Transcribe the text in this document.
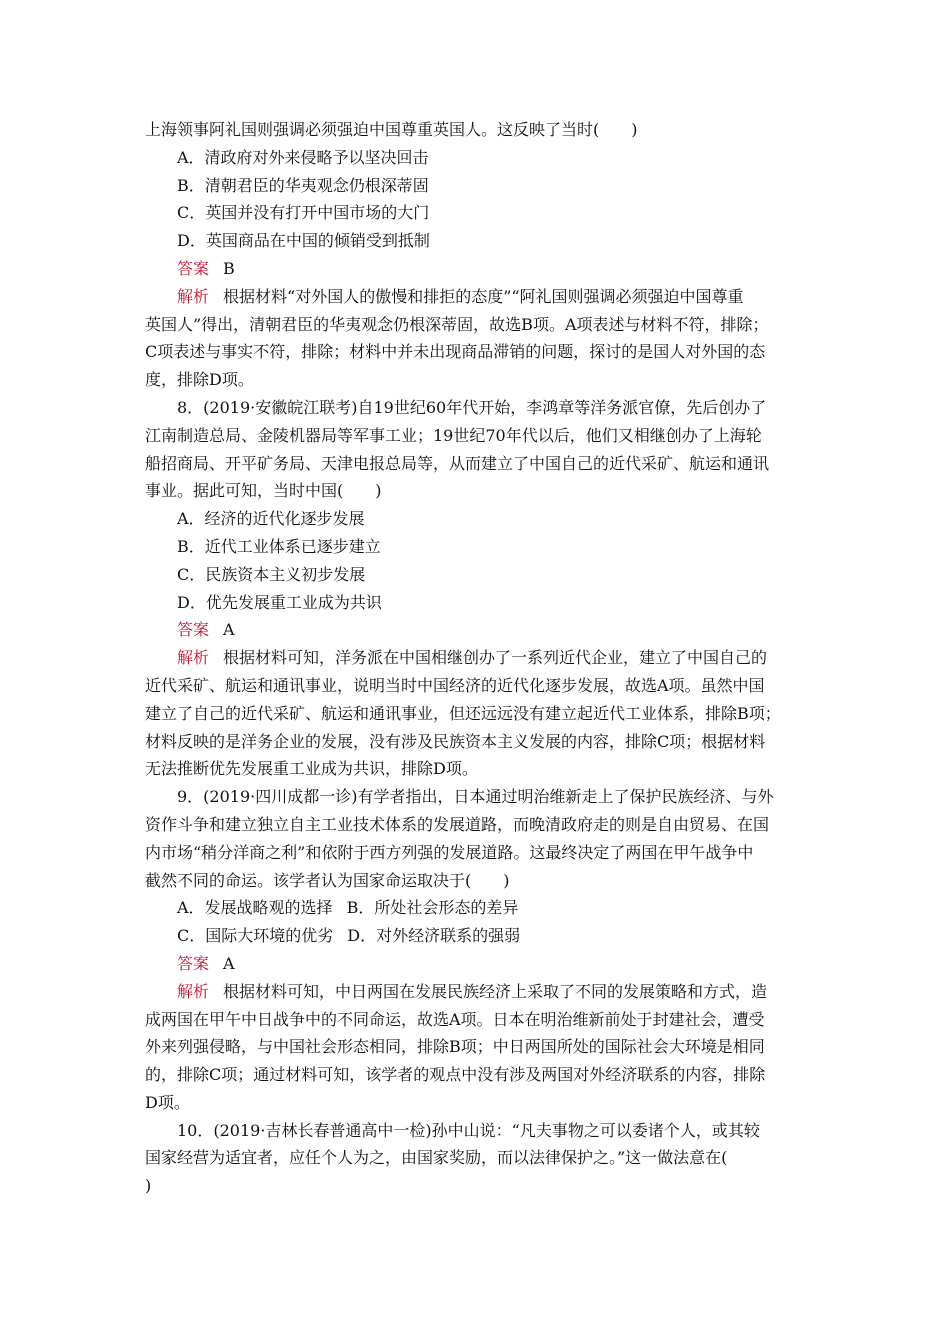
上海领事阿礼国则强调必须强迫中国尊重英国人。这反映了当时(　　)
A．清政府对外来侵略予以坚决回击
B．清朝君臣的华夷观念仍根深蒂固
C．英国并没有打开中国市场的大门
D．英国商品在中国的倾销受到抵制
答案 B
解析 根据材料“对外国人的傲慢和排拒的态度”“阿礼国则强调必须强迫中国尊重
英国人”得出，清朝君臣的华夷观念仍根深蒂固，故选B项。A项表述与材料不符，排除；
C项表述与事实不符，排除；材料中并未出现商品滞销的问题，探讨的是国人对外国的态
度，排除D项。
8．(2019·安徽皖江联考)自19世纪60年代开始，李鸿章等洋务派官僚，先后创办了
江南制造总局、金陵机器局等军事工业；19世纪70年代以后，他们又相继创办了上海轮
船招商局、开平矿务局、天津电报总局等，从而建立了中国自己的近代采矿、航运和通讯
事业。据此可知，当时中国(　　)
A．经济的近代化逐步发展
B．近代工业体系已逐步建立
C．民族资本主义初步发展
D．优先发展重工业成为共识
答案 A
解析 根据材料可知，洋务派在中国相继创办了一系列近代企业，建立了中国自己的
近代采矿、航运和通讯事业，说明当时中国经济的近代化逐步发展，故选A项。虽然中国
建立了自己的近代采矿、航运和通讯事业，但还远远没有建立起近代工业体系，排除B项；
材料反映的是洋务企业的发展，没有涉及民族资本主义发展的内容，排除C项；根据材料
无法推断优先发展重工业成为共识，排除D项。
9．(2019·四川成都一诊)有学者指出，日本通过明治维新走上了保护民族经济、与外
资作斗争和建立独立自主工业技术体系的发展道路，而晚清政府走的则是自由贸易、在国
内市场“稍分洋商之利”和依附于西方列强的发展道路。这最终决定了两国在甲午战争中
截然不同的命运。该学者认为国家命运取决于(　　)
A．发展战略观的选择 B．所处社会形态的差异
C．国际大环境的优劣 D．对外经济联系的强弱
答案 A
解析 根据材料可知，中日两国在发展民族经济上采取了不同的发展策略和方式，造
成两国在甲午中日战争中的不同命运，故选A项。日本在明治维新前处于封建社会，遭受
外来列强侵略，与中国社会形态相同，排除B项；中日两国所处的国际社会大环境是相同
的，排除C项；通过材料可知，该学者的观点中没有涉及两国对外经济联系的内容，排除
D项。
10．(2019·吉林长春普通高中一检)孙中山说：“凡夫事物之可以委诸个人，或其较
国家经营为适宜者，应任个人为之，由国家奖励，而以法律保护之。”这一做法意在(
)
